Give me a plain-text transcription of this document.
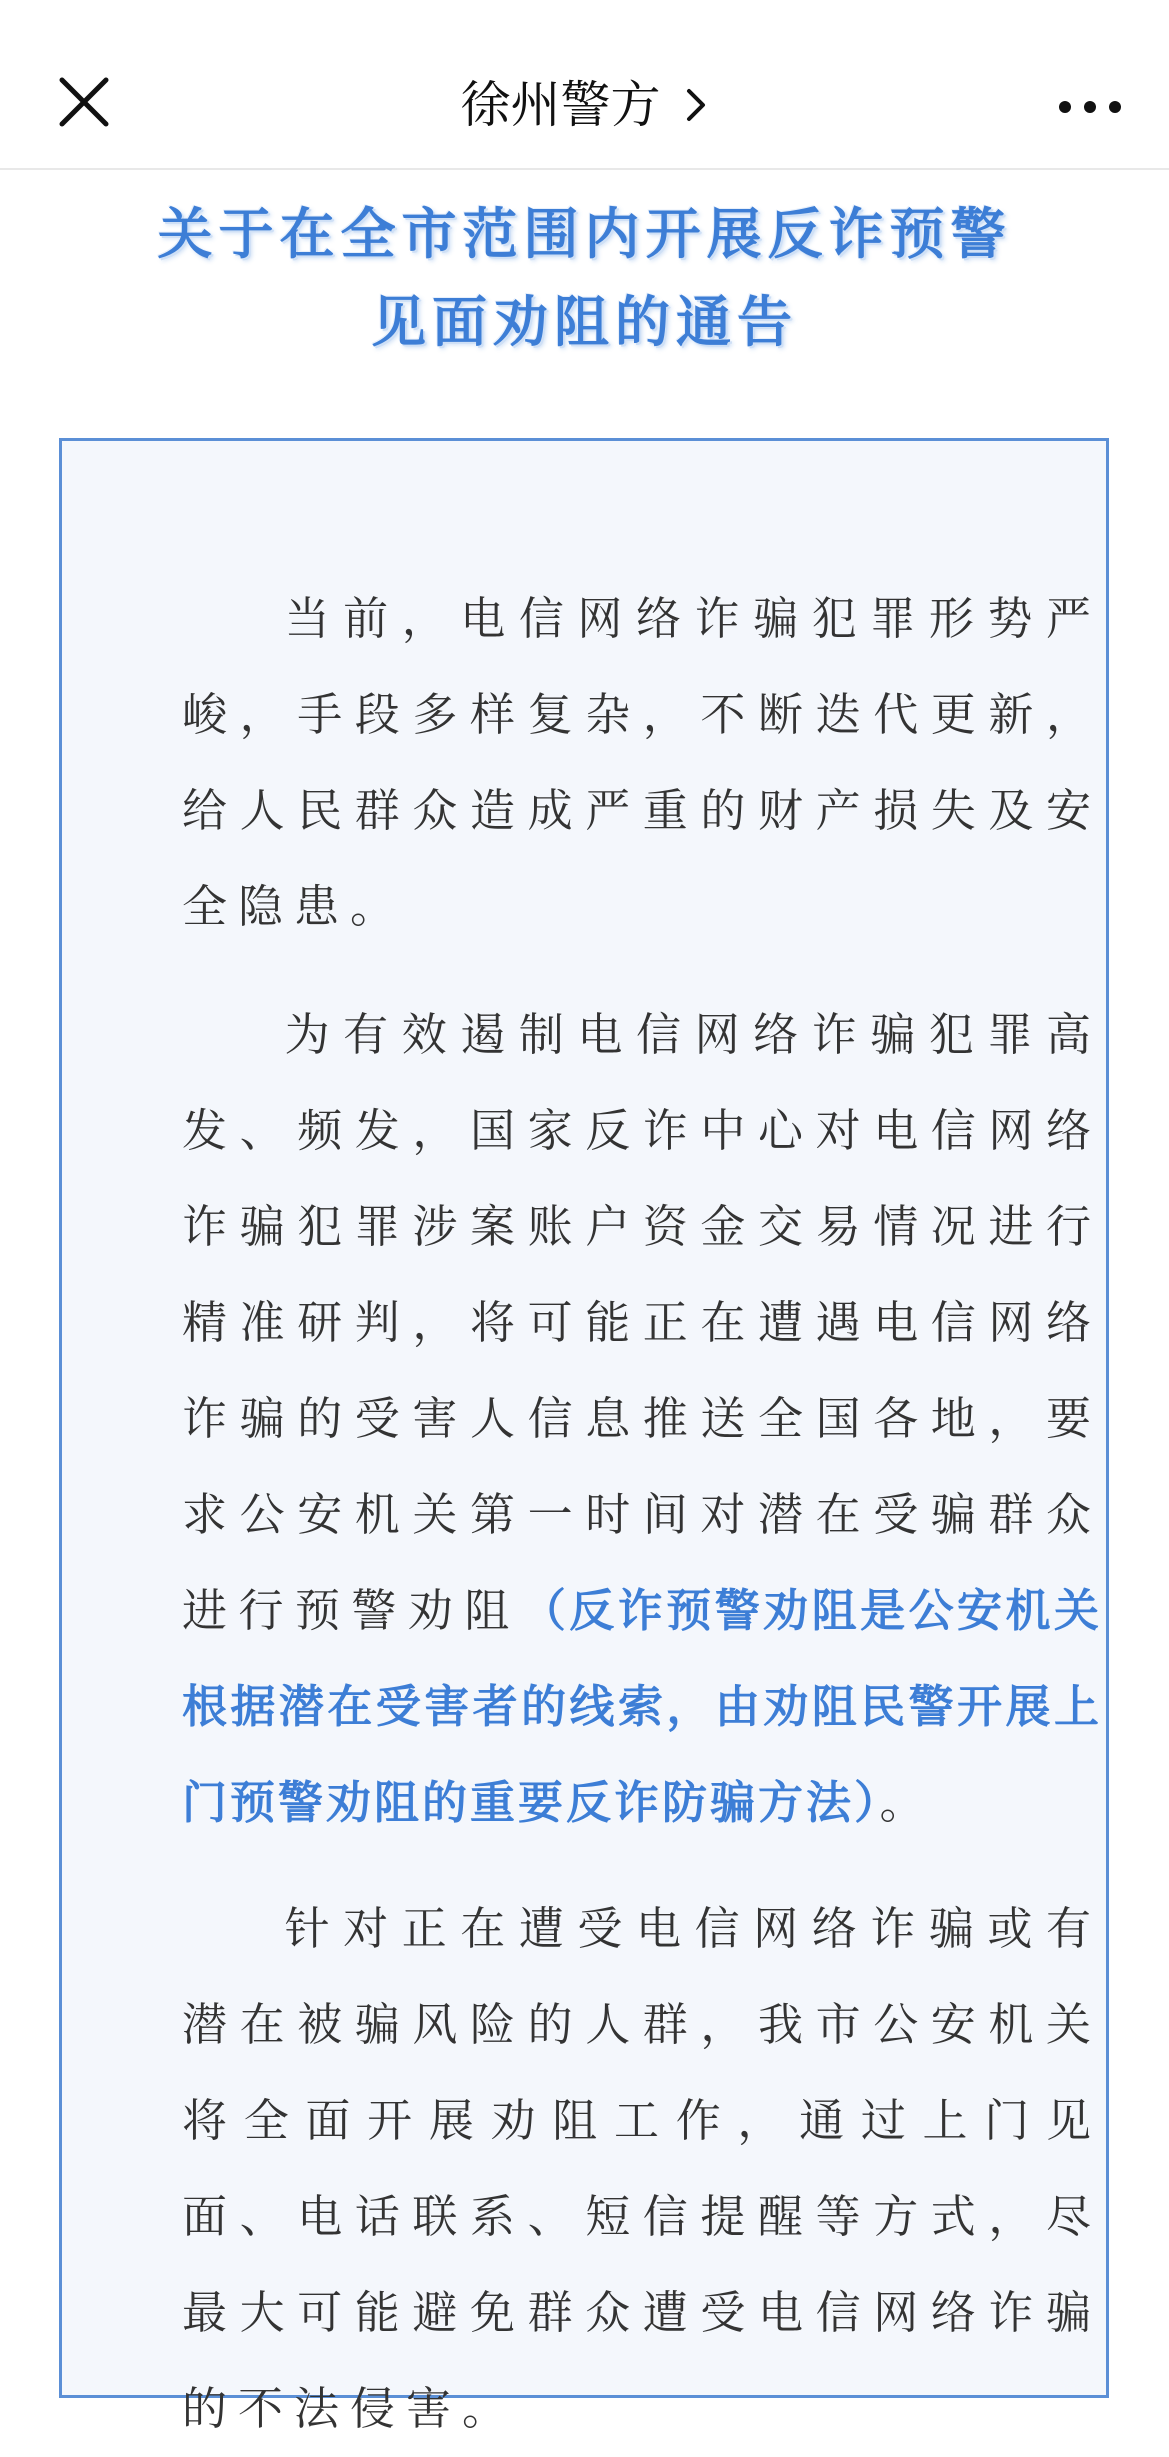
徐州警方
关于在全市范围内开展反诈预警
见面劝阻的通告

当前，电信网络诈骗犯罪形势严峻，手段多样复杂，不断迭代更新，给人民群众造成严重的财产损失及安全隐患。

为有效遏制电信网络诈骗犯罪高发、频发，国家反诈中心对电信网络诈骗犯罪涉案账户资金交易情况进行精准研判，将可能正在遭遇电信网络诈骗的受害人信息推送全国各地，要求公安机关第一时间对潜在受骗群众进行预警劝阻（反诈预警劝阻是公安机关根据潜在受害者的线索，由劝阻民警开展上门预警劝阻的重要反诈防骗方法）。

针对正在遭受电信网络诈骗或有潜在被骗风险的人群，我市公安机关将全面开展劝阻工作，通过上门见面、电话联系、短信提醒等方式，尽最大可能避免群众遭受电信网络诈骗的不法侵害。
